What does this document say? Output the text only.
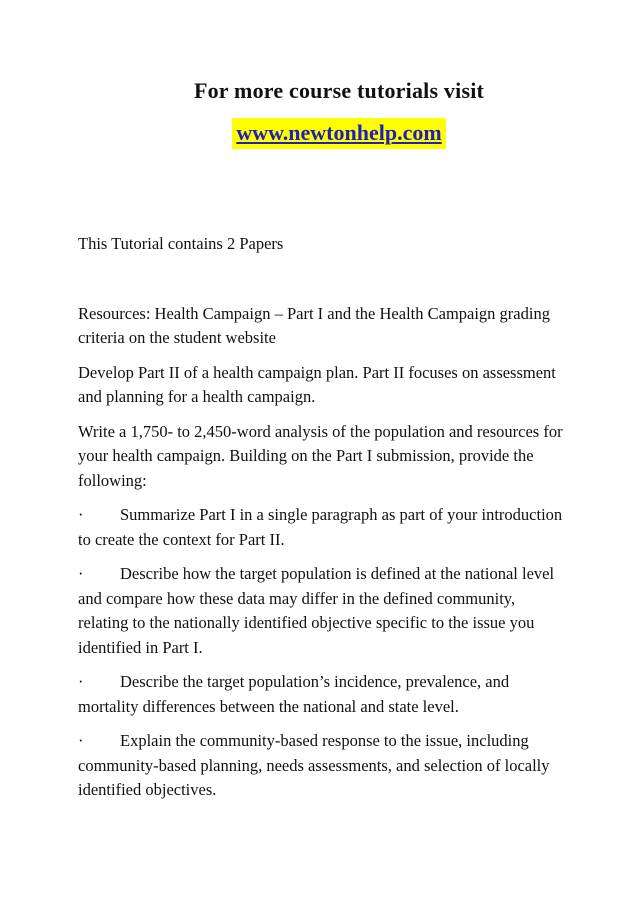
For more course tutorials visit
www.newtonhelp.com

This Tutorial contains 2 Papers

Resources: Health Campaign – Part I and the Health Campaign grading criteria on the student website

Develop Part II of a health campaign plan. Part II focuses on assessment and planning for a health campaign.

Write a 1,750- to 2,450-word analysis of the population and resources for your health campaign. Building on the Part I submission, provide the following:

· Summarize Part I in a single paragraph as part of your introduction to create the context for Part II.

· Describe how the target population is defined at the national level and compare how these data may differ in the defined community, relating to the nationally identified objective specific to the issue you identified in Part I.

· Describe the target population’s incidence, prevalence, and mortality differences between the national and state level.

· Explain the community-based response to the issue, including community-based planning, needs assessments, and selection of locally identified objectives.
